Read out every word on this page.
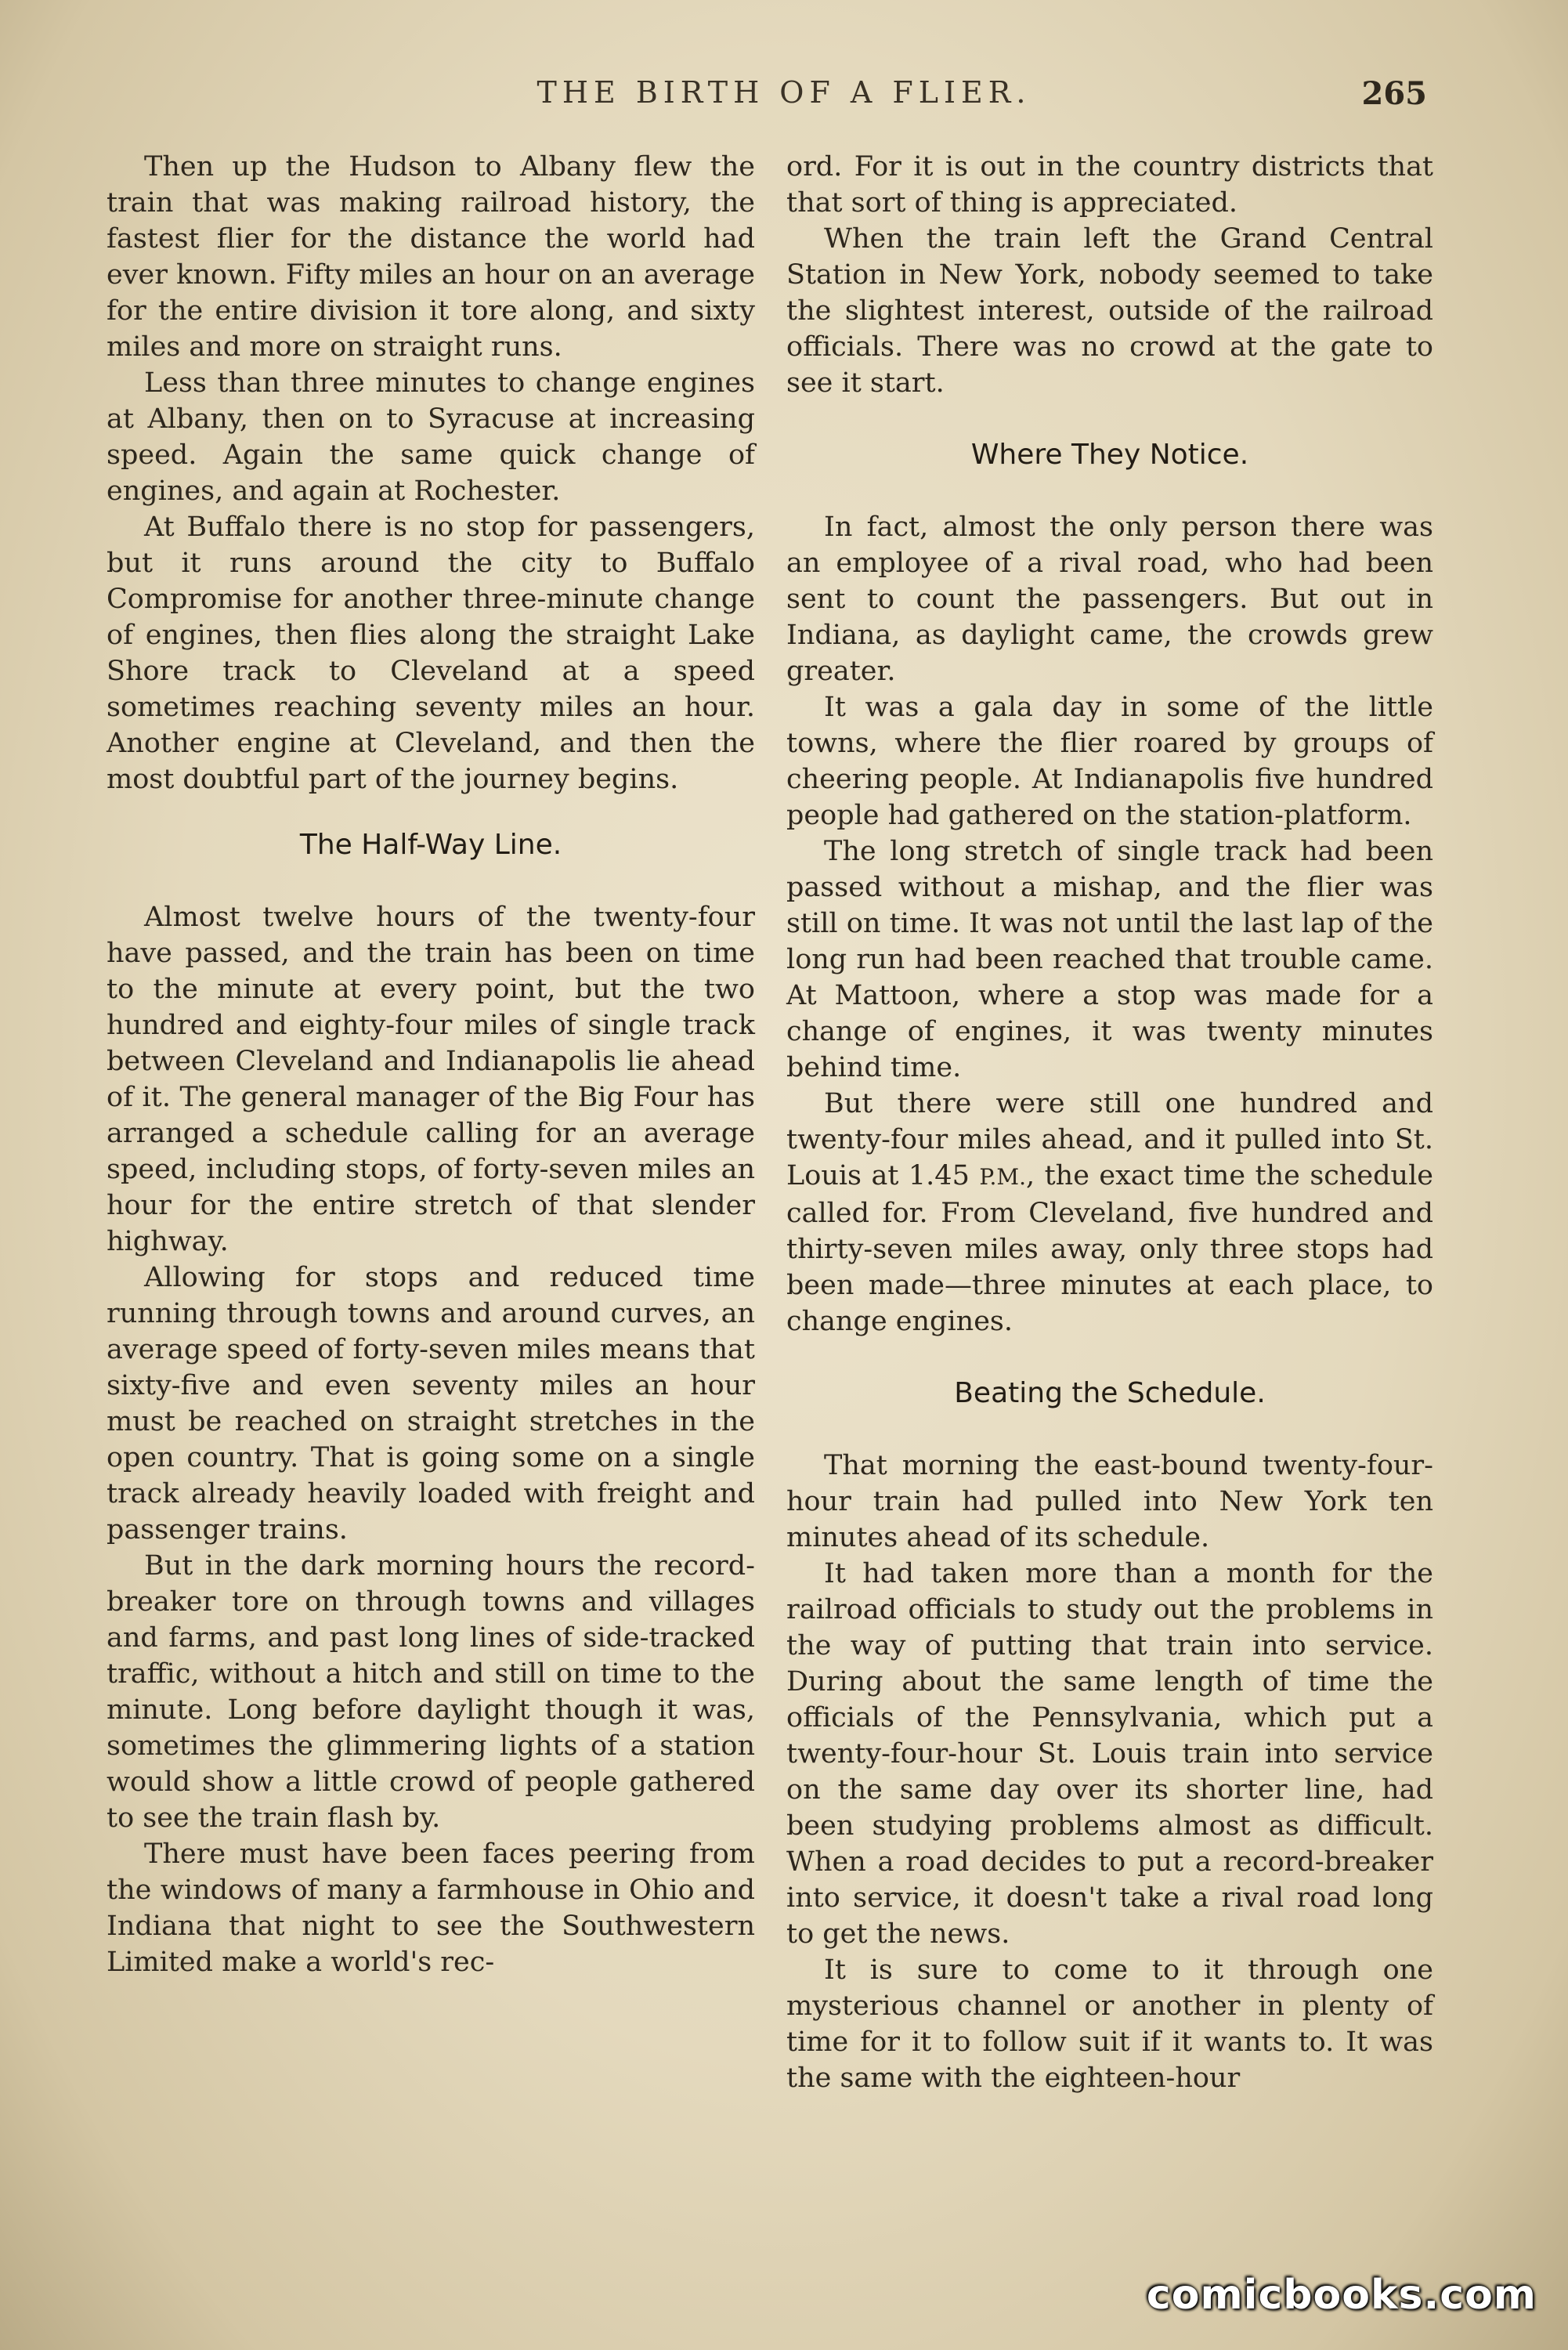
THE BIRTH OF A FLIER.	265

Then up the Hudson to Albany flew the train that was making railroad history, the fastest flier for the distance the world had ever known. Fifty miles an hour on an average for the entire division it tore along, and sixty miles and more on straight runs.

Less than three minutes to change engines at Albany, then on to Syracuse at increasing speed. Again the same quick change of engines, and again at Rochester.

At Buffalo there is no stop for passengers, but it runs around the city to Buffalo Compromise for another three-minute change of engines, then flies along the straight Lake Shore track to Cleveland at a speed sometimes reaching seventy miles an hour. Another engine at Cleveland, and then the most doubtful part of the journey begins.

The Half-Way Line.

Almost twelve hours of the twenty-four have passed, and the train has been on time to the minute at every point, but the two hundred and eighty-four miles of single track between Cleveland and Indianapolis lie ahead of it. The general manager of the Big Four has arranged a schedule calling for an average speed, including stops, of forty-seven miles an hour for the entire stretch of that slender highway.

Allowing for stops and reduced time running through towns and around curves, an average speed of forty-seven miles means that sixty-five and even seventy miles an hour must be reached on straight stretches in the open country. That is going some on a single track already heavily loaded with freight and passenger trains.

But in the dark morning hours the record-breaker tore on through towns and villages and farms, and past long lines of side-tracked traffic, without a hitch and still on time to the minute. Long before daylight though it was, sometimes the glimmering lights of a station would show a little crowd of people gathered to see the train flash by.

There must have been faces peering from the windows of many a farmhouse in Ohio and Indiana that night to see the Southwestern Limited make a world's rec-

ord. For it is out in the country districts that that sort of thing is appreciated.

When the train left the Grand Central Station in New York, nobody seemed to take the slightest interest, outside of the railroad officials. There was no crowd at the gate to see it start.

Where They Notice.

In fact, almost the only person there was an employee of a rival road, who had been sent to count the passengers. But out in Indiana, as daylight came, the crowds grew greater.

It was a gala day in some of the little towns, where the flier roared by groups of cheering people. At Indianapolis five hundred people had gathered on the station-platform.

The long stretch of single track had been passed without a mishap, and the flier was still on time. It was not until the last lap of the long run had been reached that trouble came. At Mattoon, where a stop was made for a change of engines, it was twenty minutes behind time.

But there were still one hundred and twenty-four miles ahead, and it pulled into St. Louis at 1.45 P.M., the exact time the schedule called for. From Cleveland, five hundred and thirty-seven miles away, only three stops had been made—three minutes at each place, to change engines.

Beating the Schedule.

That morning the east-bound twenty-four-hour train had pulled into New York ten minutes ahead of its schedule.

It had taken more than a month for the railroad officials to study out the problems in the way of putting that train into service. During about the same length of time the officials of the Pennsylvania, which put a twenty-four-hour St. Louis train into service on the same day over its shorter line, had been studying problems almost as difficult. When a road decides to put a record-breaker into service, it doesn't take a rival road long to get the news.

It is sure to come to it through one mysterious channel or another in plenty of time for it to follow suit if it wants to. It was the same with the eighteen-hour

comicbooks.com
